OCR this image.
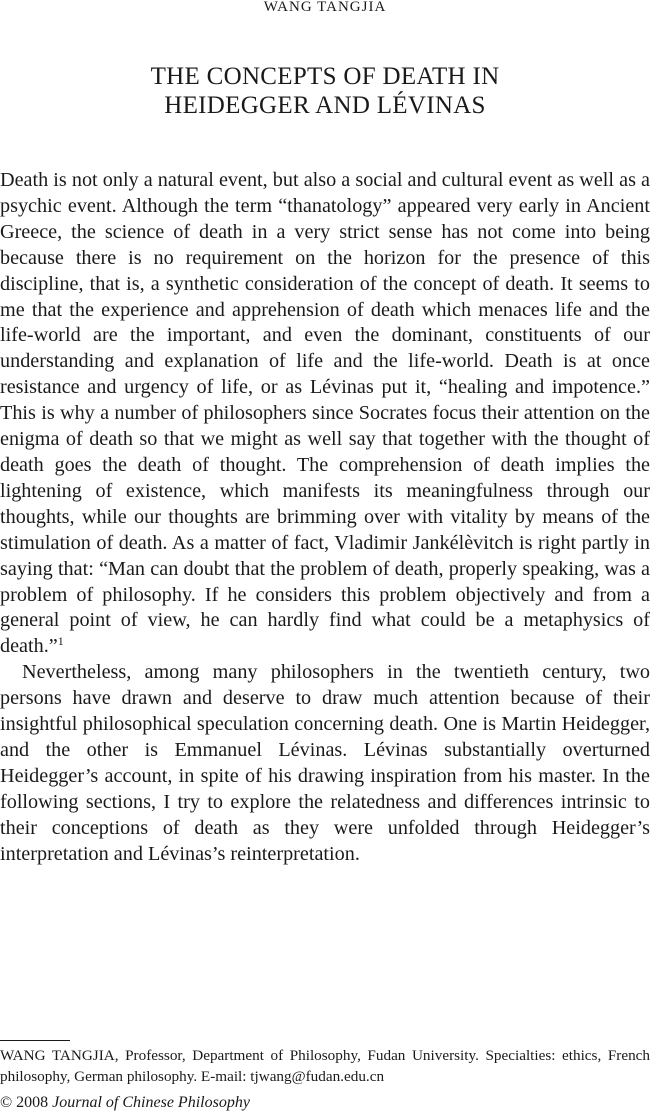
WANG TANGJIA
THE CONCEPTS OF DEATH IN
HEIDEGGER AND LÉVINAS

Death is not only a natural event, but also a social and cultural event as well as a psychic event. Although the term “thanatology” appeared very early in Ancient Greece, the science of death in a very strict sense has not come into being because there is no requirement on the horizon for the presence of this discipline, that is, a synthetic consideration of the concept of death. It seems to me that the experience and apprehension of death which menaces life and the life-world are the important, and even the dominant, constituents of our understanding and explanation of life and the life-world. Death is at once resistance and urgency of life, or as Lévinas put it, “healing and impotence.” This is why a number of philosophers since Socrates focus their attention on the enigma of death so that we might as well say that together with the thought of death goes the death of thought. The comprehension of death implies the lightening of existence, which manifests its meaningfulness through our thoughts, while our thoughts are brimming over with vitality by means of the stimulation of death. As a matter of fact, Vladimir Jankélèvitch is right partly in saying that: “Man can doubt that the problem of death, properly speaking, was a problem of philosophy. If he considers this problem objectively and from a general point of view, he can hardly find what could be a metaphysics of death.”$^1$

Nevertheless, among many philosophers in the twentieth century, two persons have drawn and deserve to draw much attention because of their insightful philosophical speculation concerning death. One is Martin Heidegger, and the other is Emmanuel Lévinas. Lévinas substantially overturned Heidegger’s account, in spite of his drawing inspiration from his master. In the following sections, I try to explore the relatedness and differences intrinsic to their conceptions of death as they were unfolded through Heidegger’s interpretation and Lévinas’s reinterpretation.

WANG TANGJIA, Professor, Department of Philosophy, Fudan University. Specialties: ethics, French philosophy, German philosophy. E-mail: tjwang@fudan.edu.cn
© 2008 Journal of Chinese Philosophy
